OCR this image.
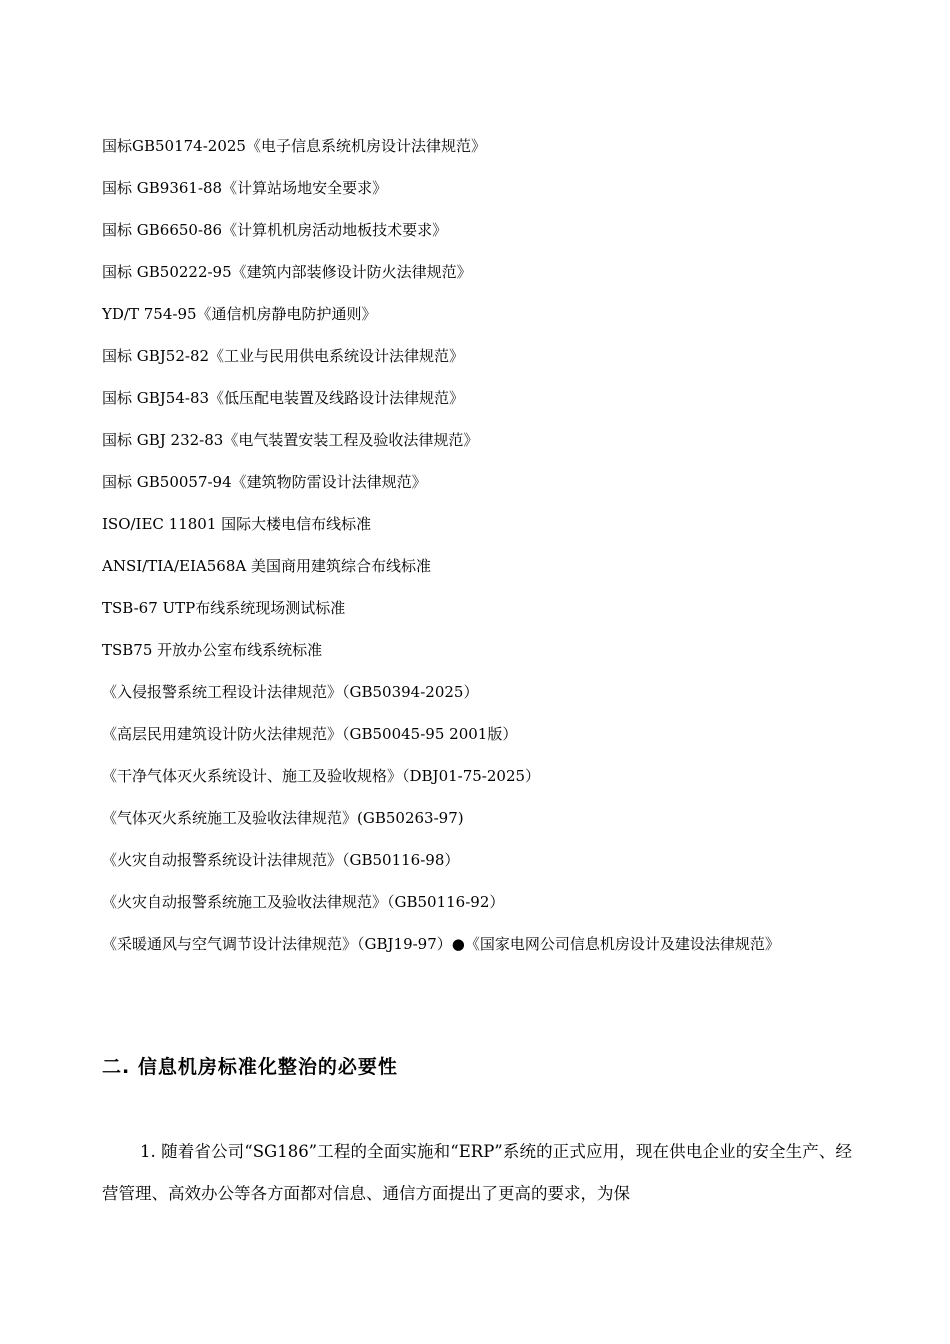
国标GB50174-2025《电子信息系统机房设计法律规范》
国标 GB9361-88《计算站场地安全要求》
国标 GB6650-86《计算机机房活动地板技术要求》
国标 GB50222-95《建筑内部装修设计防火法律规范》
YD/T 754-95《通信机房静电防护通则》
国标 GBJ52-82《工业与民用供电系统设计法律规范》
国标 GBJ54-83《低压配电装置及线路设计法律规范》
国标 GBJ 232-83《电气装置安装工程及验收法律规范》
国标 GB50057-94《建筑物防雷设计法律规范》
ISO/IEC 11801 国际大楼电信布线标准
ANSI/TIA/EIA568A 美国商用建筑综合布线标准
TSB-67 UTP布线系统现场测试标准
TSB75 开放办公室布线系统标准
《入侵报警系统工程设计法律规范》（GB50394-2025）
《高层民用建筑设计防火法律规范》（GB50045-95 2001版）
《干净气体灭火系统设计、施工及验收规格》（DBJ01-75-2025）
《气体灭火系统施工及验收法律规范》(GB50263-97)
《火灾自动报警系统设计法律规范》（GB50116-98）
《火灾自动报警系统施工及验收法律规范》（GB50116-92）
《采暖通风与空气调节设计法律规范》（GBJ19-97）●《国家电网公司信息机房设计及建设法律规范》
二. 信息机房标准化整治的必要性

1. 随着省公司“SG186”工程的全面实施和“ERP”系统的正式应用，现在供电企业的安全生产、经营管理、高效办公等各方面都对信息、通信方面提出了更高的要求，为保
